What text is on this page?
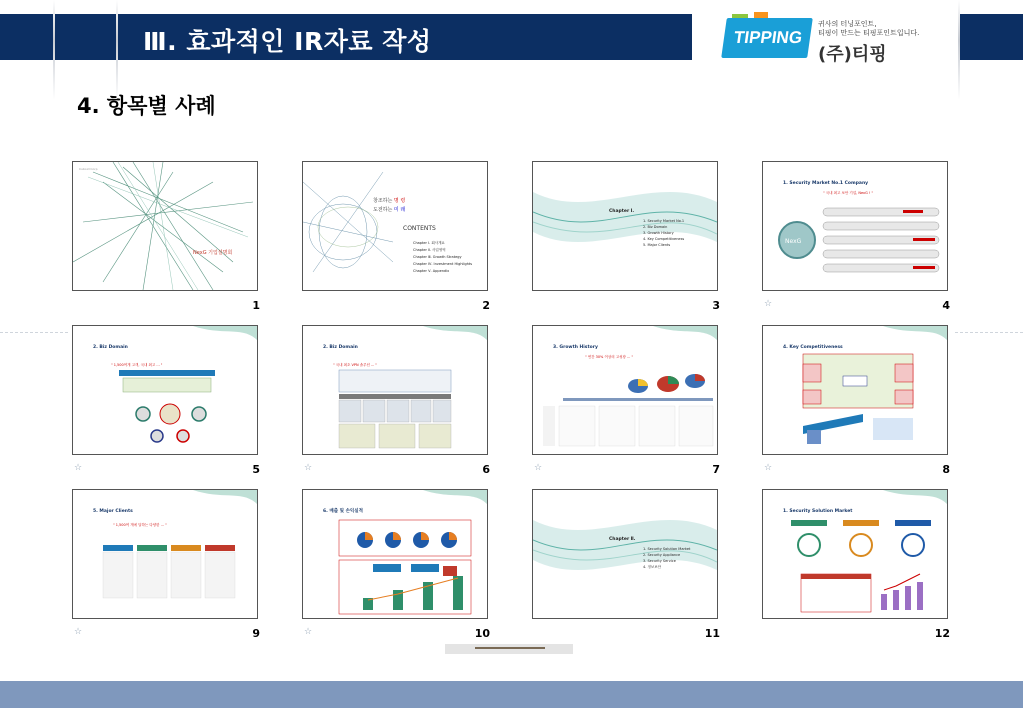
Ⅲ. 효과적인 IR자료 작성	TIPPING
귀사의 터닝포인트,
티핑이 만드는 티핑포인트입니다.
(주)티핑
4. 항목별 사례
Cuboid Corp
NexG 기업설명회
1
창조하는 명 령
도전하는 미 래
CONTENTS
Chapter Ⅰ. 회사개요
Chapter Ⅱ. 사업영역
Chapter Ⅲ. Growth Strategy
Chapter Ⅳ. Investment Highlights
Chapter Ⅴ. Appendix
2
Chapter Ⅰ.
1. Security Market No.1
2. Biz Domain
3. Growth History
4. Key Competitiveness
5. Major Clients
3
1. Security Market No.1 Company
" 국내 최고 보안 기업, NexG ! "
NexG
☆	4
2. Biz Domain
" 1,500여개 고객, 국내 최고 ... "
☆	5
2. Biz Domain
" 국내 최초 VPN 솔루션 ... "
☆	6
3. Growth History
" 연간 30% 이상의 고성장 ... "
☆	7
4. Key Competitiveness
☆	8
5. Major Clients
" 1,500여 개에 달하는 다양한 ... "
☆	9
6. 매출 및 손익실적
☆	10
Chapter Ⅱ.
1. Security Solution Market
2. Security Appliance
3. Security Service
4. 정보보안
11
1. Security Solution Market
12
